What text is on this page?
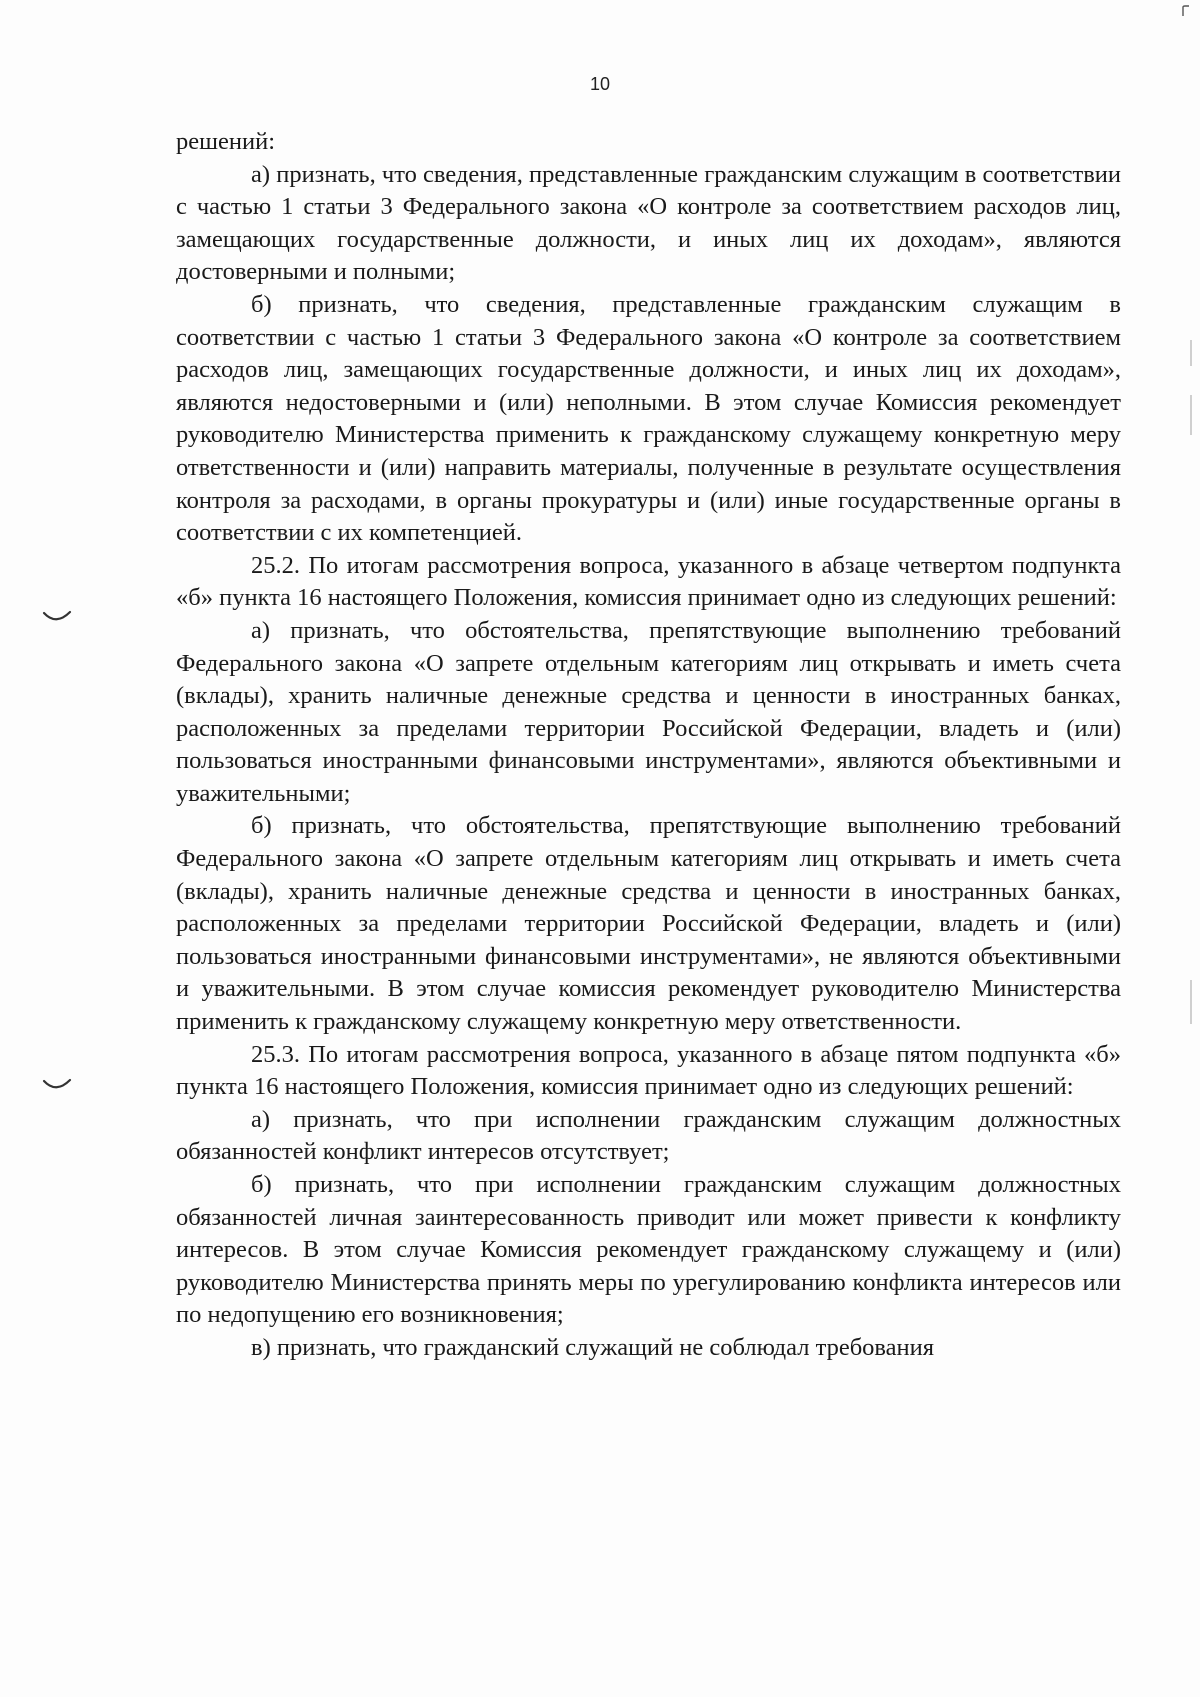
10

решений:

а) признать, что сведения, представленные гражданским служащим в соответствии с частью 1 статьи 3 Федерального закона «О контроле за соответствием расходов лиц, замещающих государственные должности, и иных лиц их доходам», являются достоверными и полными;

б) признать, что сведения, представленные гражданским служащим в соответствии с частью 1 статьи 3 Федерального закона «О контроле за соответствием расходов лиц, замещающих государственные должности, и иных лиц их доходам», являются недостоверными и (или) неполными. В этом случае Комиссия рекомендует руководителю Министерства применить к гражданскому служащему конкретную меру ответственности и (или) направить материалы, полученные в результате осуществления контроля за расходами, в органы прокуратуры и (или) иные государственные органы в соответствии с их компетенцией.

25.2. По итогам рассмотрения вопроса, указанного в абзаце четвертом подпункта «б» пункта 16 настоящего Положения, комиссия принимает одно из следующих решений:

а) признать, что обстоятельства, препятствующие выполнению требований Федерального закона «О запрете отдельным категориям лиц открывать и иметь счета (вклады), хранить наличные денежные средства и ценности в иностранных банках, расположенных за пределами территории Российской Федерации, владеть и (или) пользоваться иностранными финансовыми инструментами», являются объективными и уважительными;

б) признать, что обстоятельства, препятствующие выполнению требований Федерального закона «О запрете отдельным категориям лиц открывать и иметь счета (вклады), хранить наличные денежные средства и ценности в иностранных банках, расположенных за пределами территории Российской Федерации, владеть и (или) пользоваться иностранными финансовыми инструментами», не являются объективными и уважительными. В этом случае комиссия рекомендует руководителю Министерства применить к гражданскому служащему конкретную меру ответственности.

25.3. По итогам рассмотрения вопроса, указанного в абзаце пятом подпункта «б» пункта 16 настоящего Положения, комиссия принимает одно из следующих решений:

а) признать, что при исполнении гражданским служащим должностных обязанностей конфликт интересов отсутствует;

б) признать, что при исполнении гражданским служащим должностных обязанностей личная заинтересованность приводит или может привести к конфликту интересов. В этом случае Комиссия рекомендует гражданскому служащему и (или) руководителю Министерства принять меры по урегулированию конфликта интересов или по недопущению его возникновения;

в) признать, что гражданский служащий не соблюдал требования
